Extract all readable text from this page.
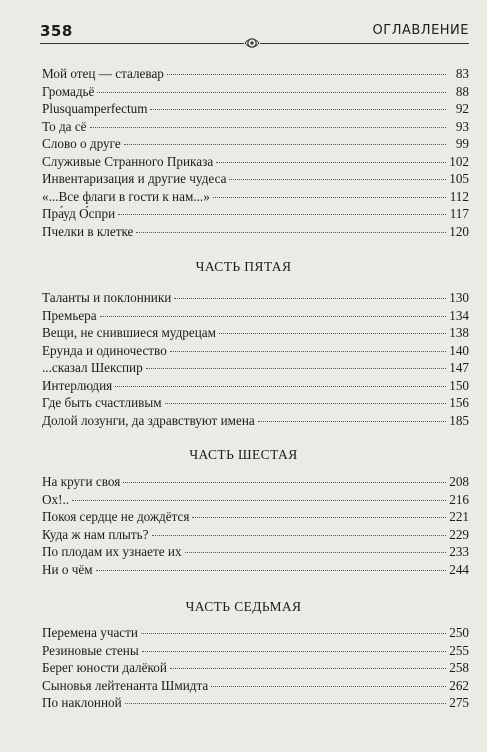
358	ОГЛАВЛЕНИЕ
Мой отец — сталевар	83
Громадьё	88
Plusquamperfectum	92
То да сё	93
Слово о друге	99
Служивые Странного Приказа	102
Инвентаризация и другие чудеса	105
«...Все флаги в гости к нам...»	112
Пра́уд О́спри	117
Пчелки в клетке	120
ЧАСТЬ ПЯТАЯ
Таланты и поклонники	130
Премьера	134
Вещи, не снившиеся мудрецам	138
Ерунда и одиночество	140
...сказал Шекспир	147
Интерлюдия	150
Где быть счастливым	156
Долой лозунги, да здравствуют имена	185
ЧАСТЬ ШЕСТАЯ
На круги своя	208
Ох!..	216
Покоя сердце не дождётся	221
Куда ж нам плыть?	229
По плодам их узнаете их	233
Ни о чём	244
ЧАСТЬ СЕДЬМАЯ
Перемена участи	250
Резиновые стены	255
Берег юности далёкой	258
Сыновья лейтенанта Шмидта	262
По наклонной	275
